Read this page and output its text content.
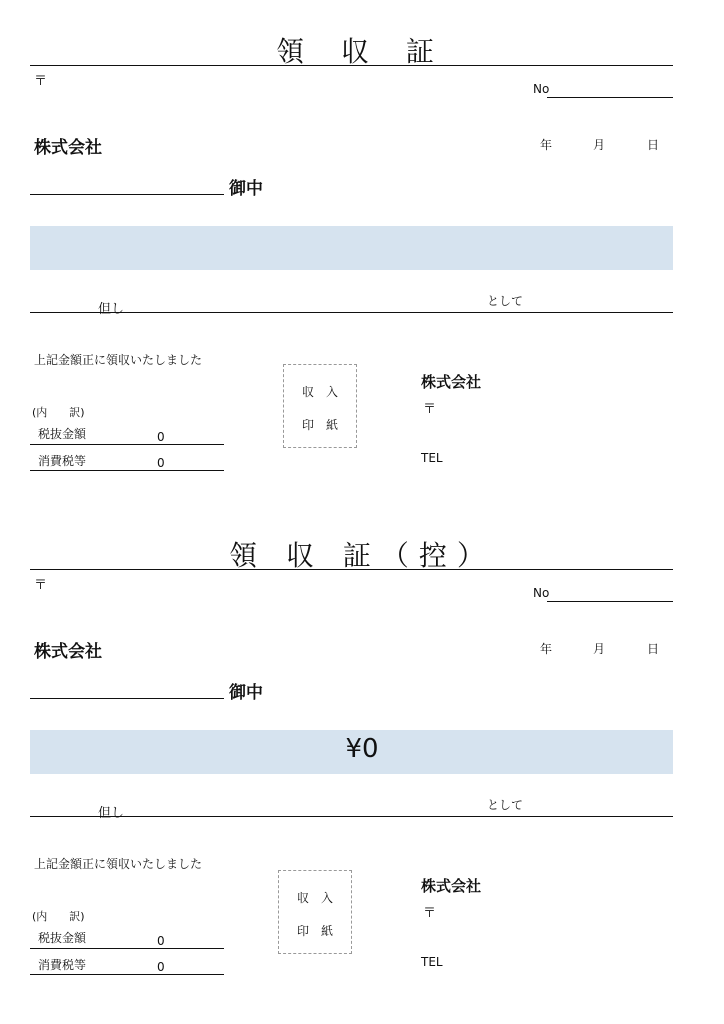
領 収 証
〒	No
株式会社	年	月	日
御中
但し
として
上記金額正に領収いたしました
(内　　訳)
税抜金額	0
消費税等	0
収入
印紙
株式会社
〒
TEL
領 収 証（控）
〒	No
株式会社	年	月	日
御中
¥0
但し
として
上記金額正に領収いたしました
(内　　訳)
税抜金額	0
消費税等	0
収入
印紙
株式会社
〒
TEL
